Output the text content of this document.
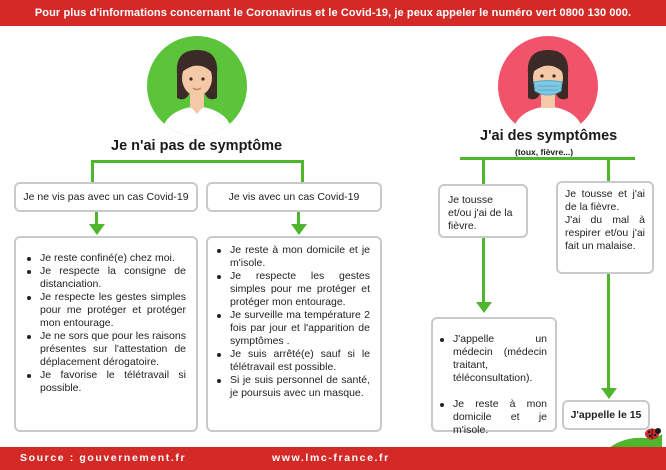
Pour plus d'informations concernant le Coronavirus et le Covid-19, je peux appeler le numéro vert 0800 130 000.
Je n'ai pas de symptôme
J'ai des symptômes
(toux, fièvre...)
Je ne vis pas avec un cas Covid-19	Je vis avec un cas Covid-19
Je reste confiné(e) chez moi.
Je respecte la consigne de distanciation.
Je respecte les gestes simples pour me protéger et protéger mon entourage.
Je ne sors que pour les raisons présentes sur l'attestation de déplacement dérogatoire.
Je favorise le télétravail si possible.
Je reste à mon domicile et je m'isole.
Je respecte les gestes simples pour me protéger et protéger mon entourage.
Je surveille ma température 2 fois par jour et l'apparition de symptômes .
Je suis arrêté(e) sauf si le télétravail est possible.
Si je suis personnel de santé, je poursuis avec un masque.

Je tousse et/ou j'ai de la fièvre.

Je tousse et j'ai de la fièvre.

J'ai du mal à respirer et/ou j'ai fait un malaise.

J'appelle un médecin (médecin traitant, téléconsultation).
Je reste à mon domicile et je m'isole.
J'appelle le 15
Source : gouvernement.fr	www.lmc-france.fr
